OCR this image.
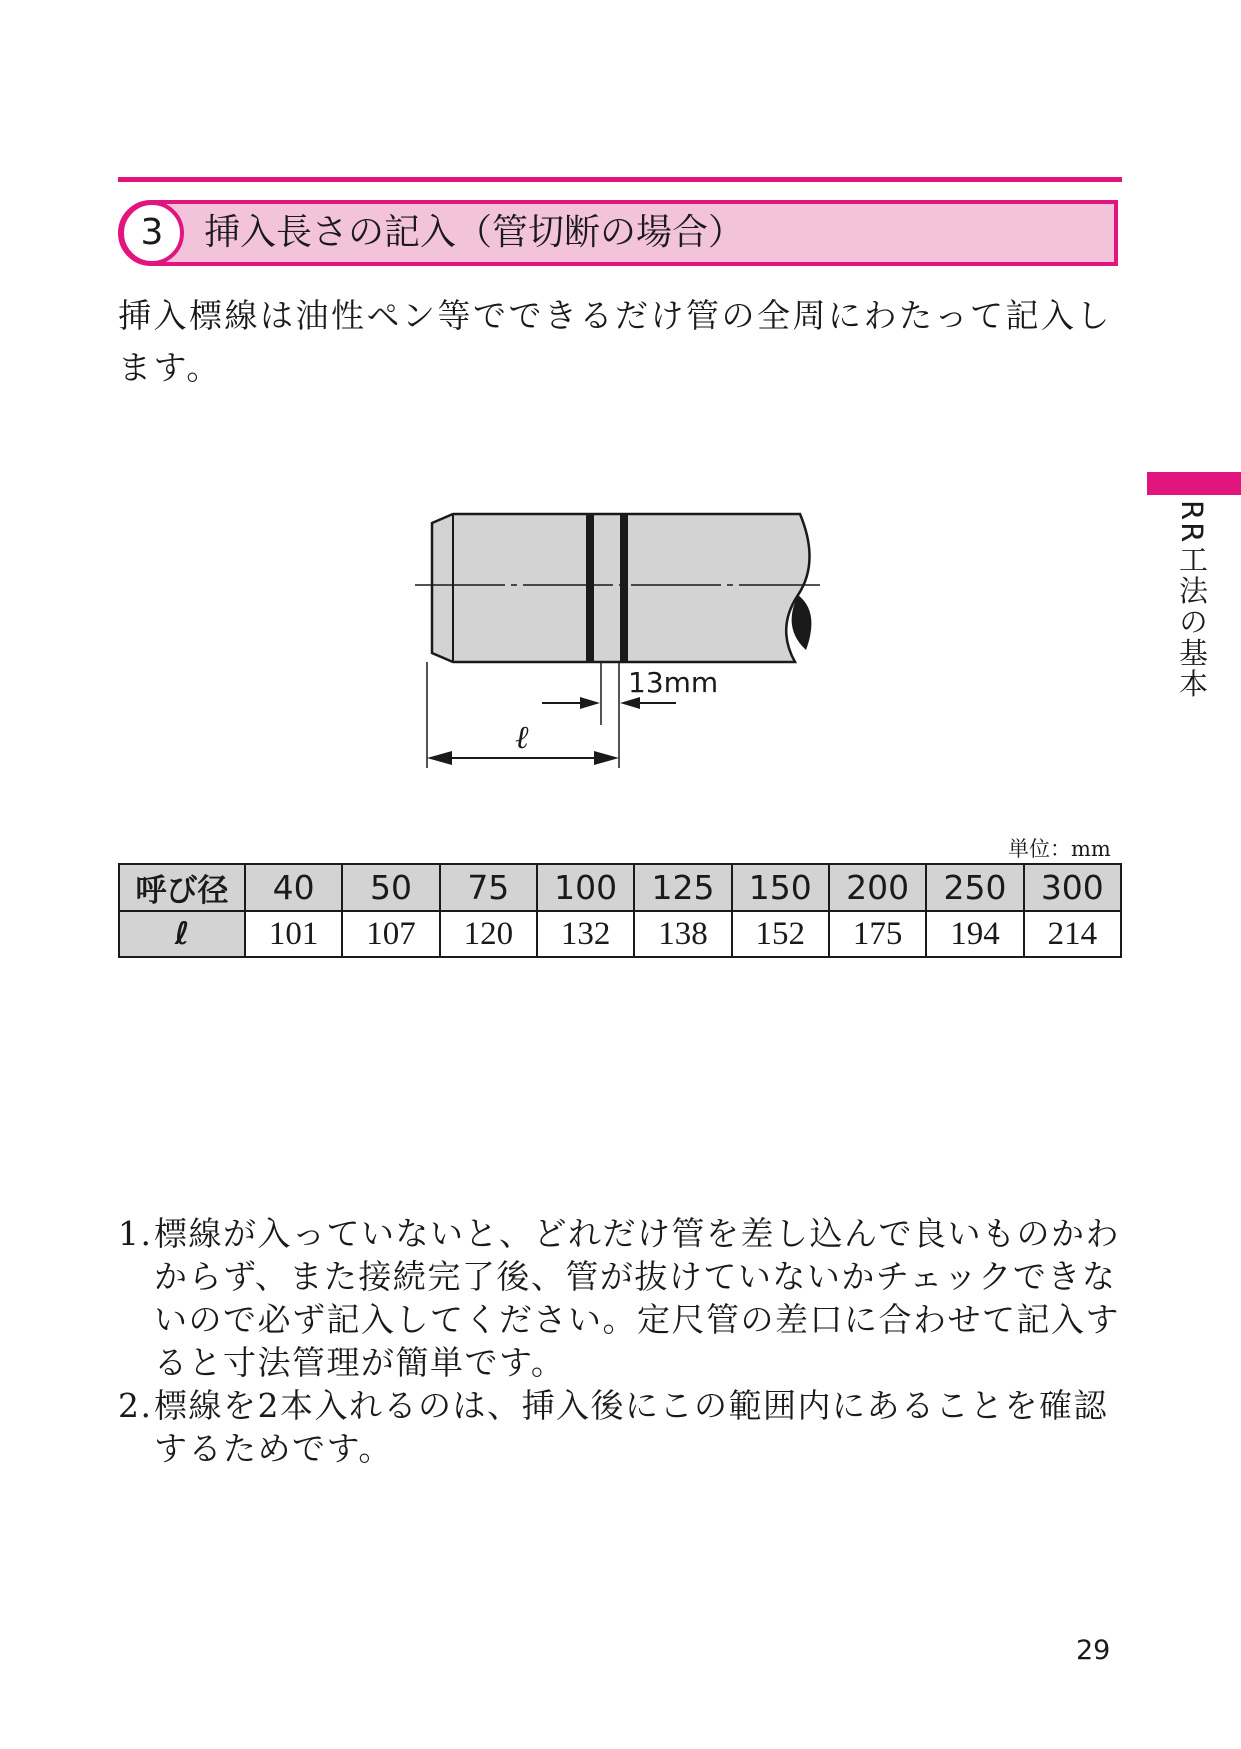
3	挿入長さの記入（管切断の場合）

挿入標線は油性ペン等でできるだけ管の全周にわたって記入します。

RR工法の基本
13mm
ℓ
単位：mm
呼び径	40	50	75	100	125	150	200	250	300
ℓ	101	107	120	132	138	152	175	194	214
1. 標線が入っていないと、どれだけ管を差し込んで良いものかわからず、また接続完了後、管が抜けていないかチェックできないので必ず記入してください。定尺管の差口に合わせて記入すると寸法管理が簡単です。
2. 標線を2本入れるのは、挿入後にこの範囲内にあることを確認するためです。
29
